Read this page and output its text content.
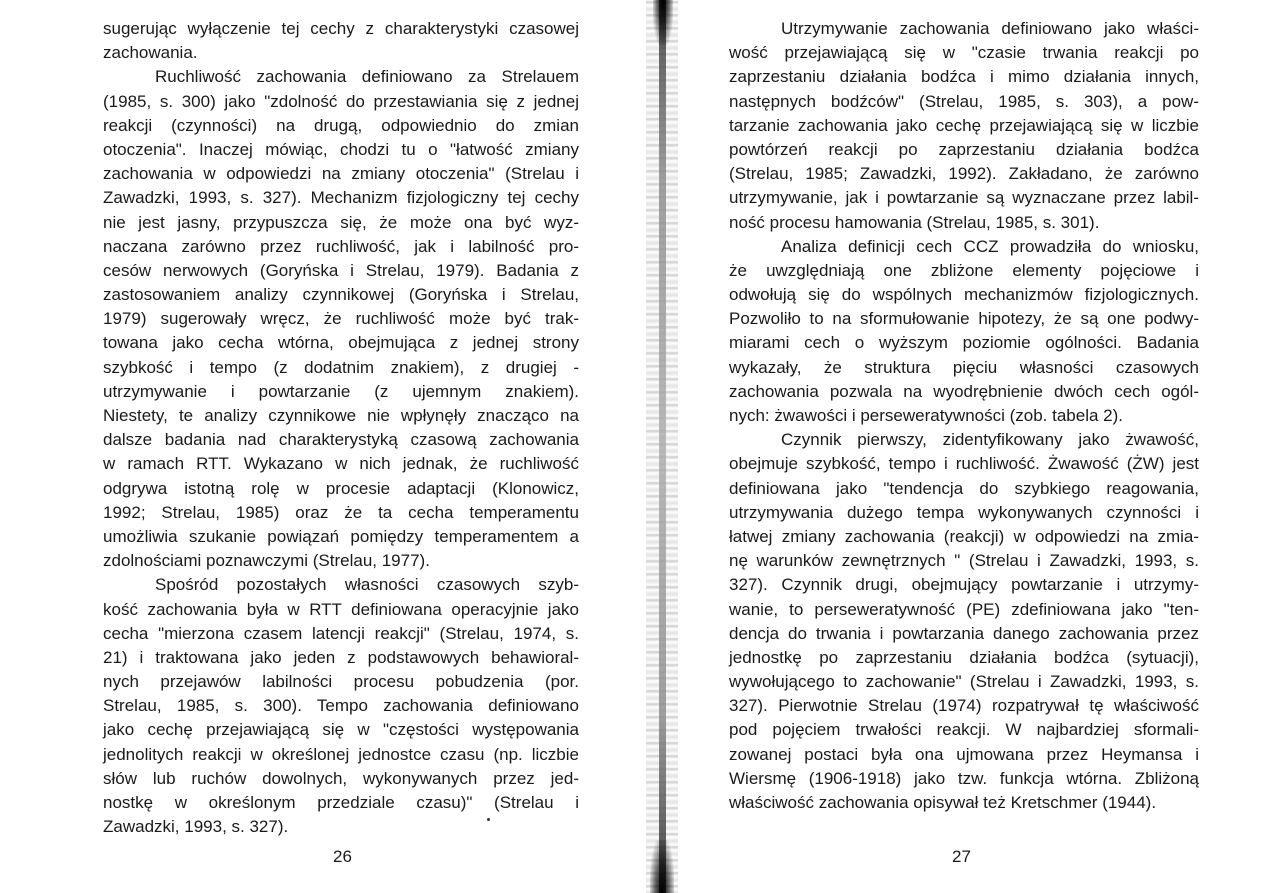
sugerując wyłączenie tej cechy z charakterystyki czasowej
zachowania.
Ruchliwość zachowania definiowano za Strelauem
(1985, s. 300) jako "zdolność do przestawiania się z jednej
reakcji (czynności) na drugą, odpowiednio do zmian
otoczenia". Inaczej mówiąc, chodzi tu o "łatwość zmiany
zachowania w odpowiedzi na zmiany otoczenia" (Strelau i
Zawadzki, 1993, s. 327). Mechanizm fizjologiczny tej cechy
nie jest jasny, przypuszcza się, że może ona być wyz-
naczana zarówno przez ruchliwość, jak i labilność pro-
cesów nerwowych (Goryńska i Strelau, 1979). Badania z
zastosowaniem analizy czynnikowej (Goryńska i Strelau,
1979) sugerowały wręcz, że ruchliwość może być trak-
towana jako cecha wtórna, obejmująca z jednej strony
szybkość i tempo (z dodatnim znakiem), z drugiej -
utrzymywanie i powtarzanie (z ujemnym znakiem).
Niestety, te analizy czynnikowe nie wpłynęły znacząco na
dalsze badania nad charakterystyką czasową zachowania
w ramach RTT. Wykazano w nich jednak, że ruchliwość
odgrywa istotną rolę w procesie adaptacji (Klonowicz,
1992; Strelau, 1985) oraz że ta cecha temperamentu
umożliwia szukanie powiązań pomiędzy temperamentem a
zdolnościami poznawczymi (Strelau, 1977).
Spośród pozostałych własności czasowych szyb-
kość zachowania była w RTT definiowana operacyjnie jako
cecha "mierzona czasem latencji reakcji" (Strelau, 1974, s.
21) i traktowana jako jeden z podstawowych behawioral-
nych przejawów labilności procesu pobudzenia (por.
Strelau, 1985, s. 300). Tempo zachowania definiowano
jako cechę przejawiającą się w "częstości występowania
jednolitych reakcji w określonej jednostce czasu (np. liczbie
słów lub ruchów dowolnych, wykonywanych przez jed-
nostkę w określonym przedziale czasu)" (Strelau i
Zawadzki, 1993, s. 327).
26
Utrzymywanie zachowania definiowano jako właści-
wość przejawiającą się w "czasie trwania reakcji po
zaprzestaniu działania bodźca i mimo działania innych,
następnych bodźców" (Strelau, 1985, s. 303), a pow-
tarzanie zachowania jako cechę przejawiającą się w liczbie
powtórzeń reakcji po zaprzestaniu działania bodźca
(Strelau, 1985; Zawadzki, 1992). Zakładano, że zarówno
utrzymywanie, jak i powtarzanie są wyznaczane przez labil-
ność procesu hamowania (Strelau, 1985, s. 301).
Analiza definicji cech CCZ prowadziła do wniosku,
że uwzględniają one zbliżone elementy pojęciowe i
odwołują się do wspólnych mechanizmów fizjologicznych.
Pozwoliło to na sformułowanie hipotezy, że są one podwy-
miarami cech o wyższym poziomie ogólności. Badania
wykazały, że struktura pięciu własności czasowych
zachowania pozwala na wyodrębnienie dwóch cech ogól-
nych: żwawości i perseweratywności (zob. tabela 2).
Czynnik pierwszy, zidentyfikowany jako żwawość,
obejmuje szybkość, tempo i ruchliwość. Żwawość (ŻW) jest
definiowana jako "tendencja do szybkiego reagowania,
utrzymywania dużego tempa wykonywanych czynności i
łatwej zmiany zachowania (reakcji) w odpowiedzi na zmia-
nę warunków zewnętrznych " (Strelau i Zawadzki, 1993, s.
327). Czynnik drugi, obejmujący powtarzanie i utrzymy-
wanie, to perseweratywność (PE) zdefiniowana jako "ten-
dencja do trwania i powtarzania danego zachowania przez
jednostkę po zaprzestaniu działania bodźca (sytuacji),
wywołującego to zachowanie" (Strelau i Zawadzki, 1993, s.
327). Pierwotnie Strelau (1974) rozpatrywał tę właściwość
pod pojęciem trwałości reakcji. W najbardziej sformali-
zowanej postaci była ona ujmowana przez Heymansa i
Wiersmę (1906-1918) jako tzw. funkcja wtórna. Zbliżoną
właściwość zachowania opisywał też Kretschmer (1944).
27
